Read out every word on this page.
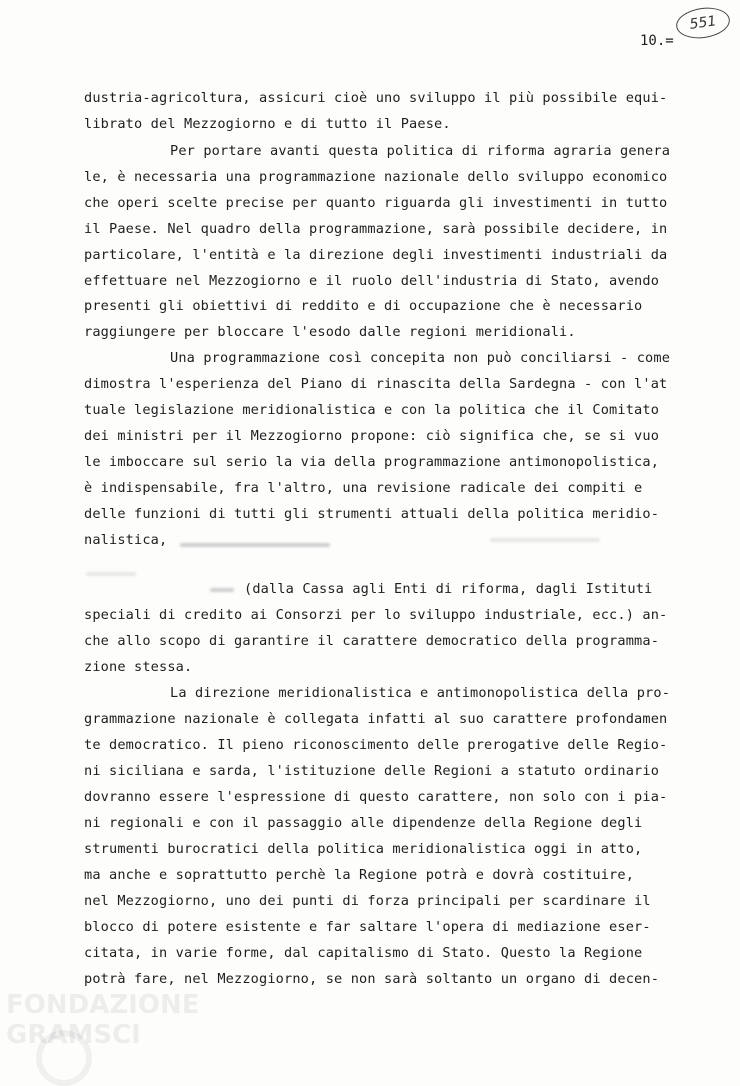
551
10.=
dustria-agricoltura, assicuri cioè uno sviluppo il più possibile equi-
librato del Mezzogiorno e di tutto il Paese.
Per portare avanti questa politica di riforma agraria genera
le, è necessaria una programmazione nazionale dello sviluppo economico
che operi scelte precise per quanto riguarda gli investimenti in tutto
il Paese. Nel quadro della programmazione, sarà possibile decidere, in
particolare, l'entità e la direzione degli investimenti industriali da
effettuare nel Mezzogiorno e il ruolo dell'industria di Stato, avendo
presenti gli obiettivi di reddito e di occupazione che è necessario
raggiungere per bloccare l'esodo dalle regioni meridionali.
Una programmazione così concepita non può conciliarsi - come
dimostra l'esperienza del Piano di rinascita della Sardegna - con l'at
tuale legislazione meridionalistica e con la politica che il Comitato
dei ministri per il Mezzogiorno propone: ciò significa che, se si vuo
le imboccare sul serio la via della programmazione antimonopolistica,
è indispensabile, fra l'altro, una revisione radicale dei compiti e
delle funzioni di tutti gli strumenti attuali della politica meridio-
nalistica,
(dalla Cassa agli Enti di riforma, dagli Istituti
speciali di credito ai Consorzi per lo sviluppo industriale, ecc.) an-
che allo scopo di garantire il carattere democratico della programma-
zione stessa.
La direzione meridionalistica e antimonopolistica della pro-
grammazione nazionale è collegata infatti al suo carattere profondamen
te democratico. Il pieno riconoscimento delle prerogative delle Regio-
ni siciliana e sarda, l'istituzione delle Regioni a statuto ordinario
dovranno essere l'espressione di questo carattere, non solo con i pia-
ni regionali e con il passaggio alle dipendenze della Regione degli
strumenti burocratici della politica meridionalistica oggi in atto,
ma anche e soprattutto perchè la Regione potrà e dovrà costituire,
nel Mezzogiorno, uno dei punti di forza principali per scardinare il
blocco di potere esistente e far saltare l'opera di mediazione eser-
citata, in varie forme, dal capitalismo di Stato. Questo la Regione
potrà fare, nel Mezzogiorno, se non sarà soltanto un organo di decen-
FONDAZIONE
GRAMSCI
